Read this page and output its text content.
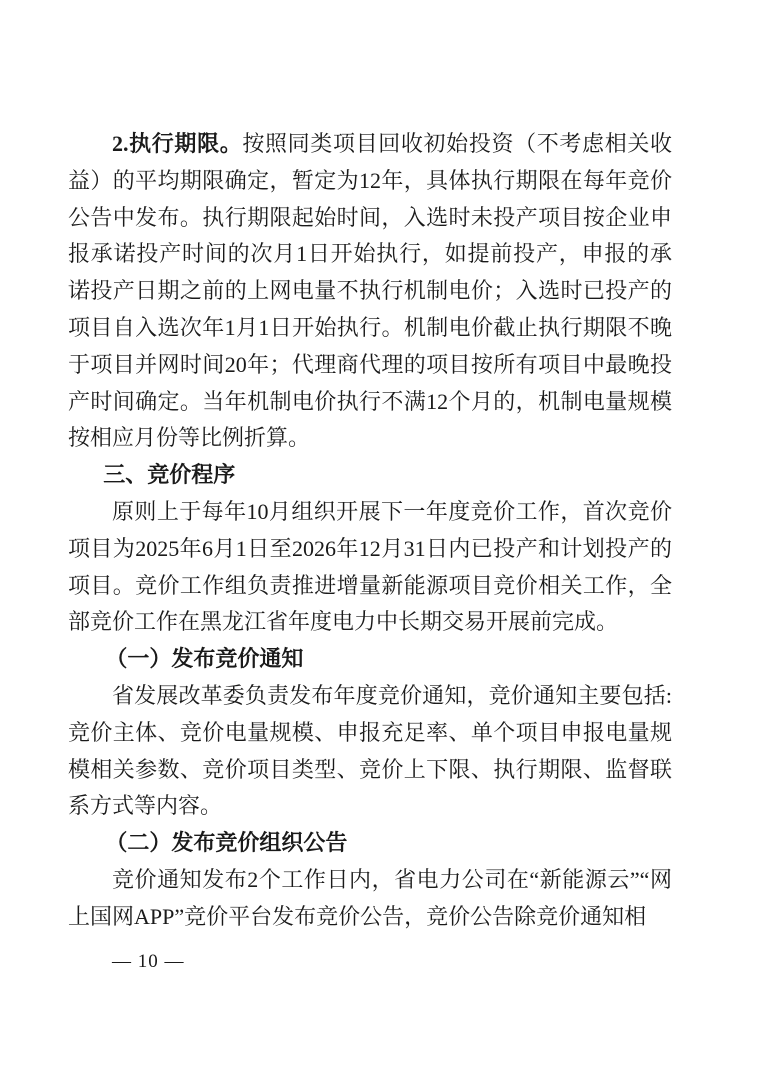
2.执行期限。按照同类项目回收初始投资（不考虑相关收益）的平均期限确定，暂定为12年，具体执行期限在每年竞价公告中发布。执行期限起始时间，入选时未投产项目按企业申报承诺投产时间的次月1日开始执行，如提前投产，申报的承诺投产日期之前的上网电量不执行机制电价；入选时已投产的项目自入选次年1月1日开始执行。机制电价截止执行期限不晚于项目并网时间20年；代理商代理的项目按所有项目中最晚投产时间确定。当年机制电价执行不满12个月的，机制电量规模按相应月份等比例折算。

三、竞价程序

原则上于每年10月组织开展下一年度竞价工作，首次竞价项目为2025年6月1日至2026年12月31日内已投产和计划投产的项目。竞价工作组负责推进增量新能源项目竞价相关工作，全部竞价工作在黑龙江省年度电力中长期交易开展前完成。

（一）发布竞价通知

省发展改革委负责发布年度竞价通知，竞价通知主要包括:竞价主体、竞价电量规模、申报充足率、单个项目申报电量规模相关参数、竞价项目类型、竞价上下限、执行期限、监督联系方式等内容。

（二）发布竞价组织公告

竞价通知发布2个工作日内，省电力公司在“新能源云”“网上国网APP”竞价平台发布竞价公告，竞价公告除竞价通知相

— 10 —
